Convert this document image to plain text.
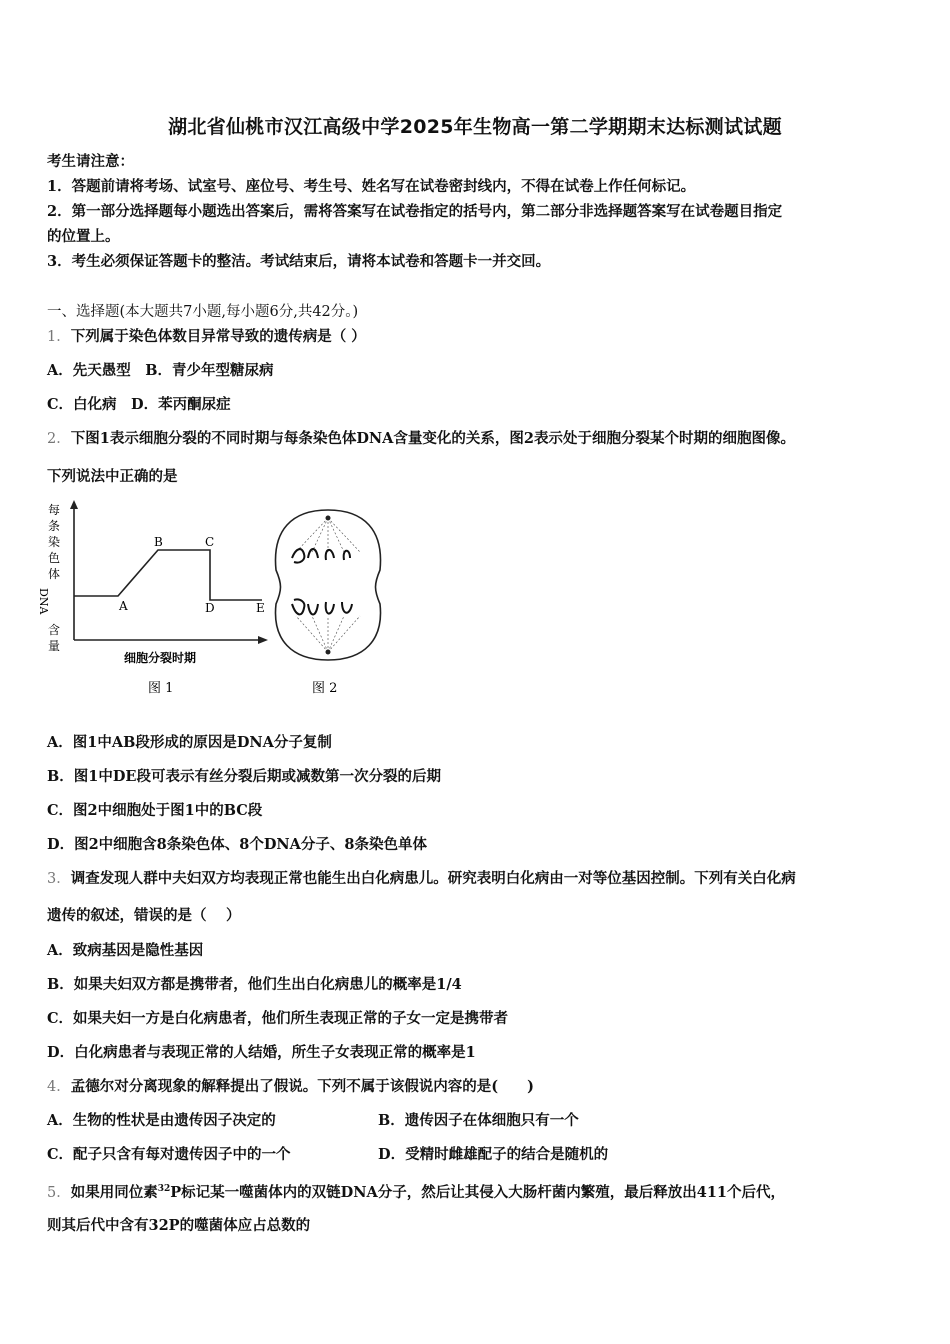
湖北省仙桃市汉江高级中学2025年生物高一第二学期期末达标测试试题
考生请注意：
1．答题前请将考场、试室号、座位号、考生号、姓名写在试卷密封线内，不得在试卷上作任何标记。
2．第一部分选择题每小题选出答案后，需将答案写在试卷指定的括号内，第二部分非选择题答案写在试卷题目指定
的位置上。
3．考生必须保证答题卡的整洁。考试结束后，请将本试卷和答题卡一并交回。
一、选择题(本大题共7小题,每小题6分,共42分。)
1．下列属于染色体数目异常导致的遗传病是（ ）
A．先天愚型　B．青少年型糖尿病
C．白化病　D．苯丙酮尿症
2．下图1表示细胞分裂的不同时期与每条染色体DNA含量变化的关系，图2表示处于细胞分裂某个时期的细胞图像。
下列说法中正确的是
每
条
染
色
体
DNA
含
量
A
B	C
D	E
细胞分裂时期
图 1	图 2
A．图1中AB段形成的原因是DNA分子复制
B．图1中DE段可表示有丝分裂后期或减数第一次分裂的后期
C．图2中细胞处于图1中的BC段
D．图2中细胞含8条染色体、8个DNA分子、8条染色单体
3．调查发现人群中夫妇双方均表现正常也能生出白化病患儿。研究表明白化病由一对等位基因控制。下列有关白化病
遗传的叙述，错误的是（　 ）
A．致病基因是隐性基因
B．如果夫妇双方都是携带者，他们生出白化病患儿的概率是1/4
C．如果夫妇一方是白化病患者，他们所生表现正常的子女一定是携带者
D．白化病患者与表现正常的人结婚，所生子女表现正常的概率是1
4．孟德尔对分离现象的解释提出了假说。下列不属于该假说内容的是(　　)
A．生物的性状是由遗传因子决定的	B．遗传因子在体细胞只有一个
C．配子只含有每对遗传因子中的一个	D．受精时雌雄配子的结合是随机的
5．如果用同位素$^{32}$P标记某一噬菌体内的双链DNA分子，然后让其侵入大肠杆菌内繁殖，最后释放出411个后代，
则其后代中含有32P的噬菌体应占总数的
